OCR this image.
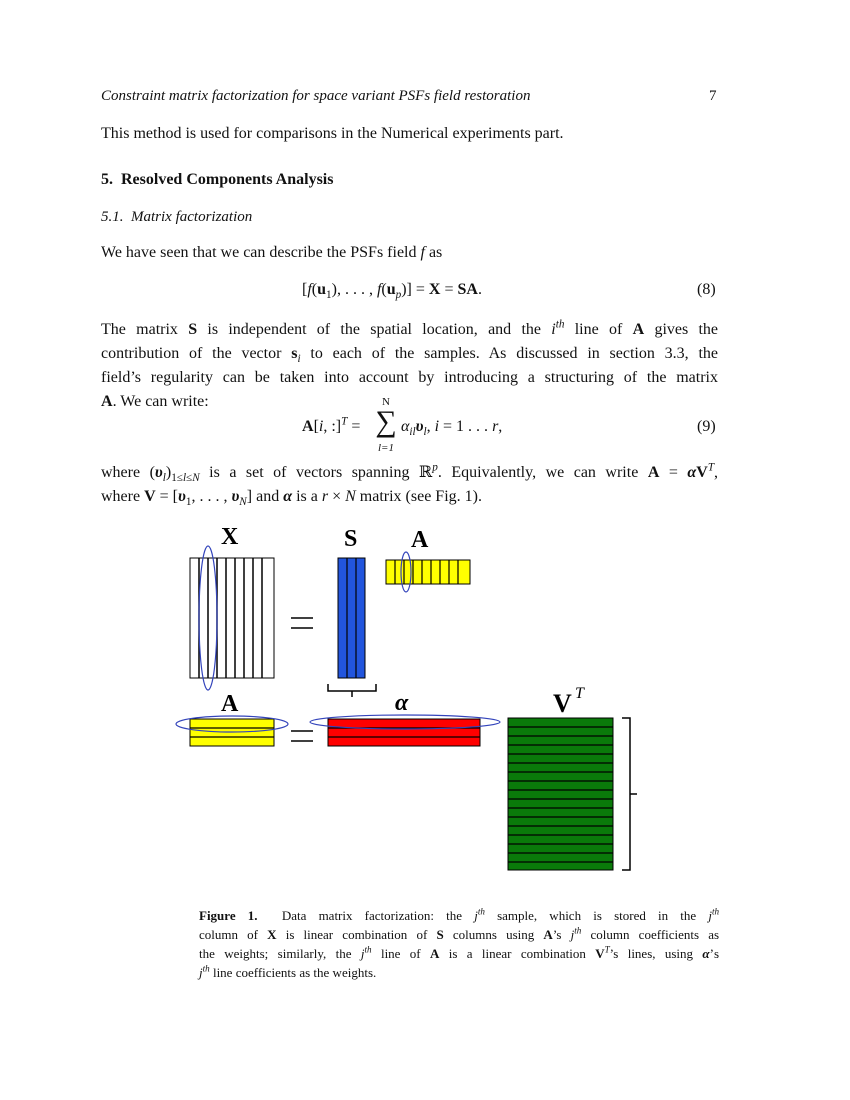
Constraint matrix factorization for space variant PSFs field restoration	7
This method is used for comparisons in the Numerical experiments part.
5. Resolved Components Analysis
5.1. Matrix factorization
We have seen that we can describe the PSFs field f as
[$f(u_1)$, . . . , $f(u_p)] = X$ = SA.	(8)
The matrix S is independent of the spatial location, and the $i^{th}$ line of A gives the
contribution of the vector $s_i$ to each of the samples. As discussed in section 3.3, the
field’s regularity can be taken into account by introducing a structuring of the matrix
A. We can write:
A[i, :]$^T$ =
N
∑
l=1
$\alpha_{il}\upsilon_l$, i = 1 . . . r,	(9)
where $(\upsilon_l)_{1\le l\le N}$ is a set of vectors spanning ℝ$^p$. Equivalently, we can write $A = \alpha V^T$,
where $V = [\upsilon_1$, . . . , $\upsilon_N$] and α is a r × N matrix (see Fig. 1).
X	S A
A	α	V T
Figure 1. Data matrix factorization: the $j^{th}$ sample, which is stored in the $j^{th}$
column of X is linear combination of S columns using A’s $j^{th}$ column coefficients as
the weights; similarly, the $j^{th}$ line of A is a linear combination $V^T’s$ lines, using α’s
$j^{th}$ line coefficients as the weights.
